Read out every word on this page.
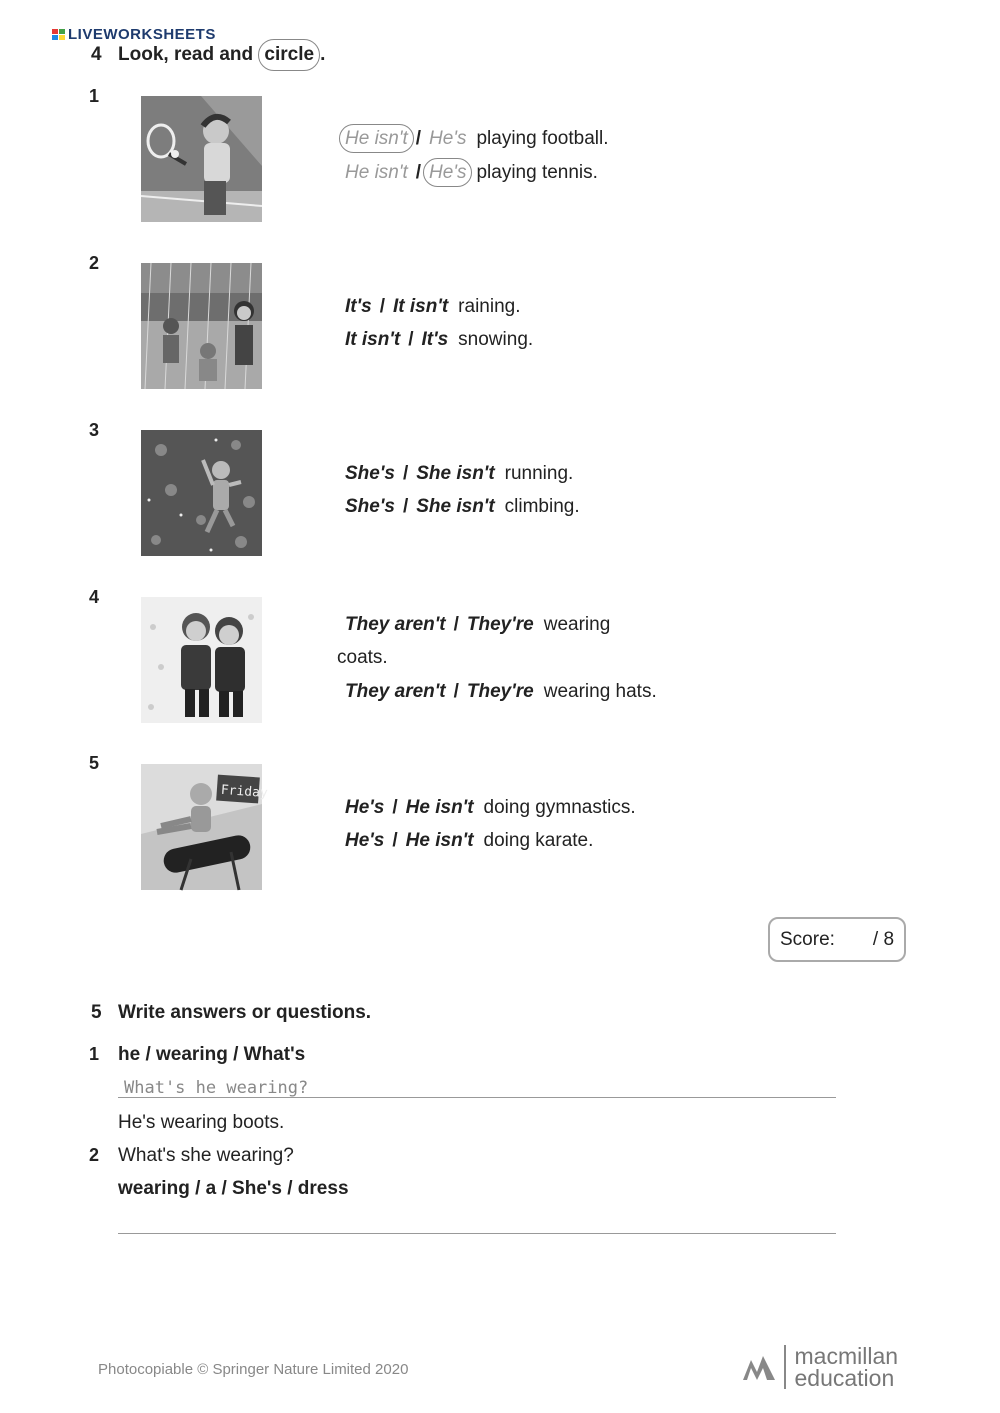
LIVEWORKSHEETS
4 Look, read and circle .
1
He isn't / He's playing football.
He isn't / He's playing tennis.
2
It's / It isn't raining.
It isn't / It's snowing.
3
She's / She isn't running.
She's / She isn't climbing.
4
They aren't / They're wearing
coats.
They aren't / They're wearing hats.
5
Friday
He's / He isn't doing gymnastics.
He's / He isn't doing karate.
Score: / 8
5 Write answers or questions.
1 he / wearing / What's
What's he wearing?
He's wearing boots.
2 What's she wearing?
wearing / a / She's / dress
Photocopiable © Springer Nature Limited 2020
macmillan
education
